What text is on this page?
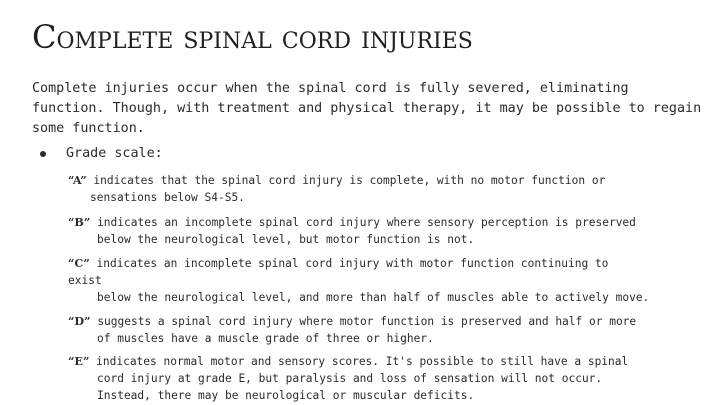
Complete spinal cord injuries

Complete injuries occur when the spinal cord is fully severed, eliminating function. Though, with treatment and physical therapy, it may be possible to regain some function.

Grade scale:

“A” indicates that the spinal cord injury is complete, with no motor function or
sensations below S4-S5.

“B” indicates an incomplete spinal cord injury where sensory perception is preserved
below the neurological level, but motor function is not.

“C” indicates an incomplete spinal cord injury with motor function continuing to
exist
below the neurological level, and more than half of muscles able to actively move.

“D” suggests a spinal cord injury where motor function is preserved and half or more
of muscles have a muscle grade of three or higher.

“E” indicates normal motor and sensory scores. It's possible to still have a spinal
cord injury at grade E, but paralysis and loss of sensation will not occur.
Instead, there may be neurological or muscular deficits.
